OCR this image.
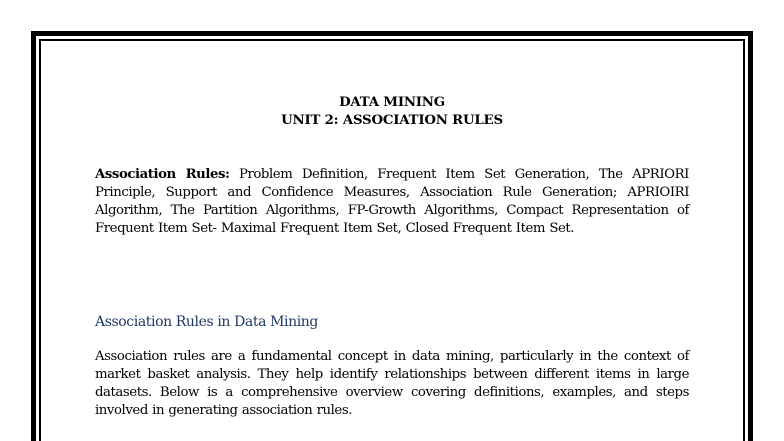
DATA MINING
UNIT 2: ASSOCIATION RULES
Association Rules: Problem Definition, Frequent Item Set Generation, The APRIORI Principle, Support and Confidence Measures, Association Rule Generation; APRIOIRI Algorithm, The Partition Algorithms, FP-Growth Algorithms, Compact Representation of Frequent Item Set- Maximal Frequent Item Set, Closed Frequent Item Set.
Association Rules in Data Mining
Association rules are a fundamental concept in data mining, particularly in the context of market basket analysis. They help identify relationships between different items in large datasets. Below is a comprehensive overview covering definitions, examples, and steps involved in generating association rules.
